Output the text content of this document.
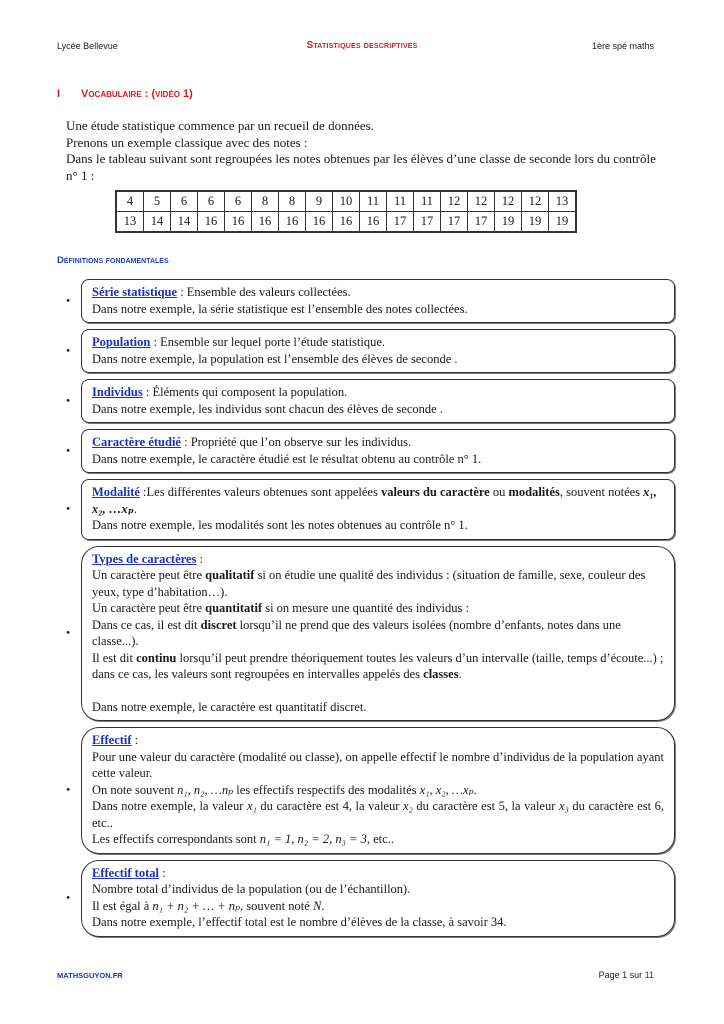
Lycée Bellevue	Statistiques descriptives	1ère spé maths
I Vocabulaire : (vidéo 1)
Une étude statistique commence par un recueil de données.
Prenons un exemple classique avec des notes :
Dans le tableau suivant sont regroupées les notes obtenues par les élèves d’une classe de seconde lors du contrôle n° 1 :
4	5	6	6	6	8	8	9	10	11	11	11	12	12	12	12	13
13	14	14	16	16	16	16	16	16	16	17	17	17	17	19	19	19
Définitions fondamentales
•
Série statistique : Ensemble des valeurs collectées.
Dans notre exemple, la série statistique est l’ensemble des notes collectées.
•
Population : Ensemble sur lequel porte l’étude statistique.
Dans notre exemple, la population est l’ensemble des élèves de seconde .
•
Individus : Éléments qui composent la population.
Dans notre exemple, les individus sont chacun des élèves de seconde .
•
Caractère étudié : Propriété que l’on observe sur les individus.
Dans notre exemple, le caractère étudié est le résultat obtenu au contrôle n° 1.
•
Modalité :Les différentes valeurs obtenues sont appelées valeurs du caractère ou modalités, souvent notées x₁, x₂, …xₚ.
Dans notre exemple, les modalités sont les notes obtenues au contrôle n° 1.
•
Types de caractères :
Un caractère peut être qualitatif si on étudie une qualité des individus : (situation de famille, sexe, couleur des yeux, type d’habitation…).
Un caractère peut être quantitatif si on mesure une quantité des individus :
Dans ce cas, il est dit discret lorsqu’il ne prend que des valeurs isolées (nombre d’enfants, notes dans une classe...).
Il est dit continu lorsqu’il peut prendre théoriquement toutes les valeurs d’un intervalle (taille, temps d’écoute...) ; dans ce cas, les valeurs sont regroupées en intervalles appelés des classes.
Dans notre exemple, le caractère est quantitatif discret.
•
Effectif :
Pour une valeur du caractère (modalité ou classe), on appelle effectif le nombre d’individus de la population ayant cette valeur.
On note souvent n₁, n₂, …nₚ les effectifs respectifs des modalités x₁, x₂, …xₚ.
Dans notre exemple, la valeur x₁ du caractère est 4, la valeur x₂ du caractère est 5, la valeur x₃ du caractère est 6, etc..
Les effectifs correspondants sont n₁ = 1, n₂ = 2, n₃ = 3, etc..
•
Effectif total :
Nombre total d’individus de la population (ou de l’échantillon).
Il est égal à n₁ + n₂ + … + nₚ, souvent noté N.
Dans notre exemple, l’effectif total est le nombre d’élèves de la classe, à savoir 34.
MATHSGUYON.FR	Page 1 sur 11
